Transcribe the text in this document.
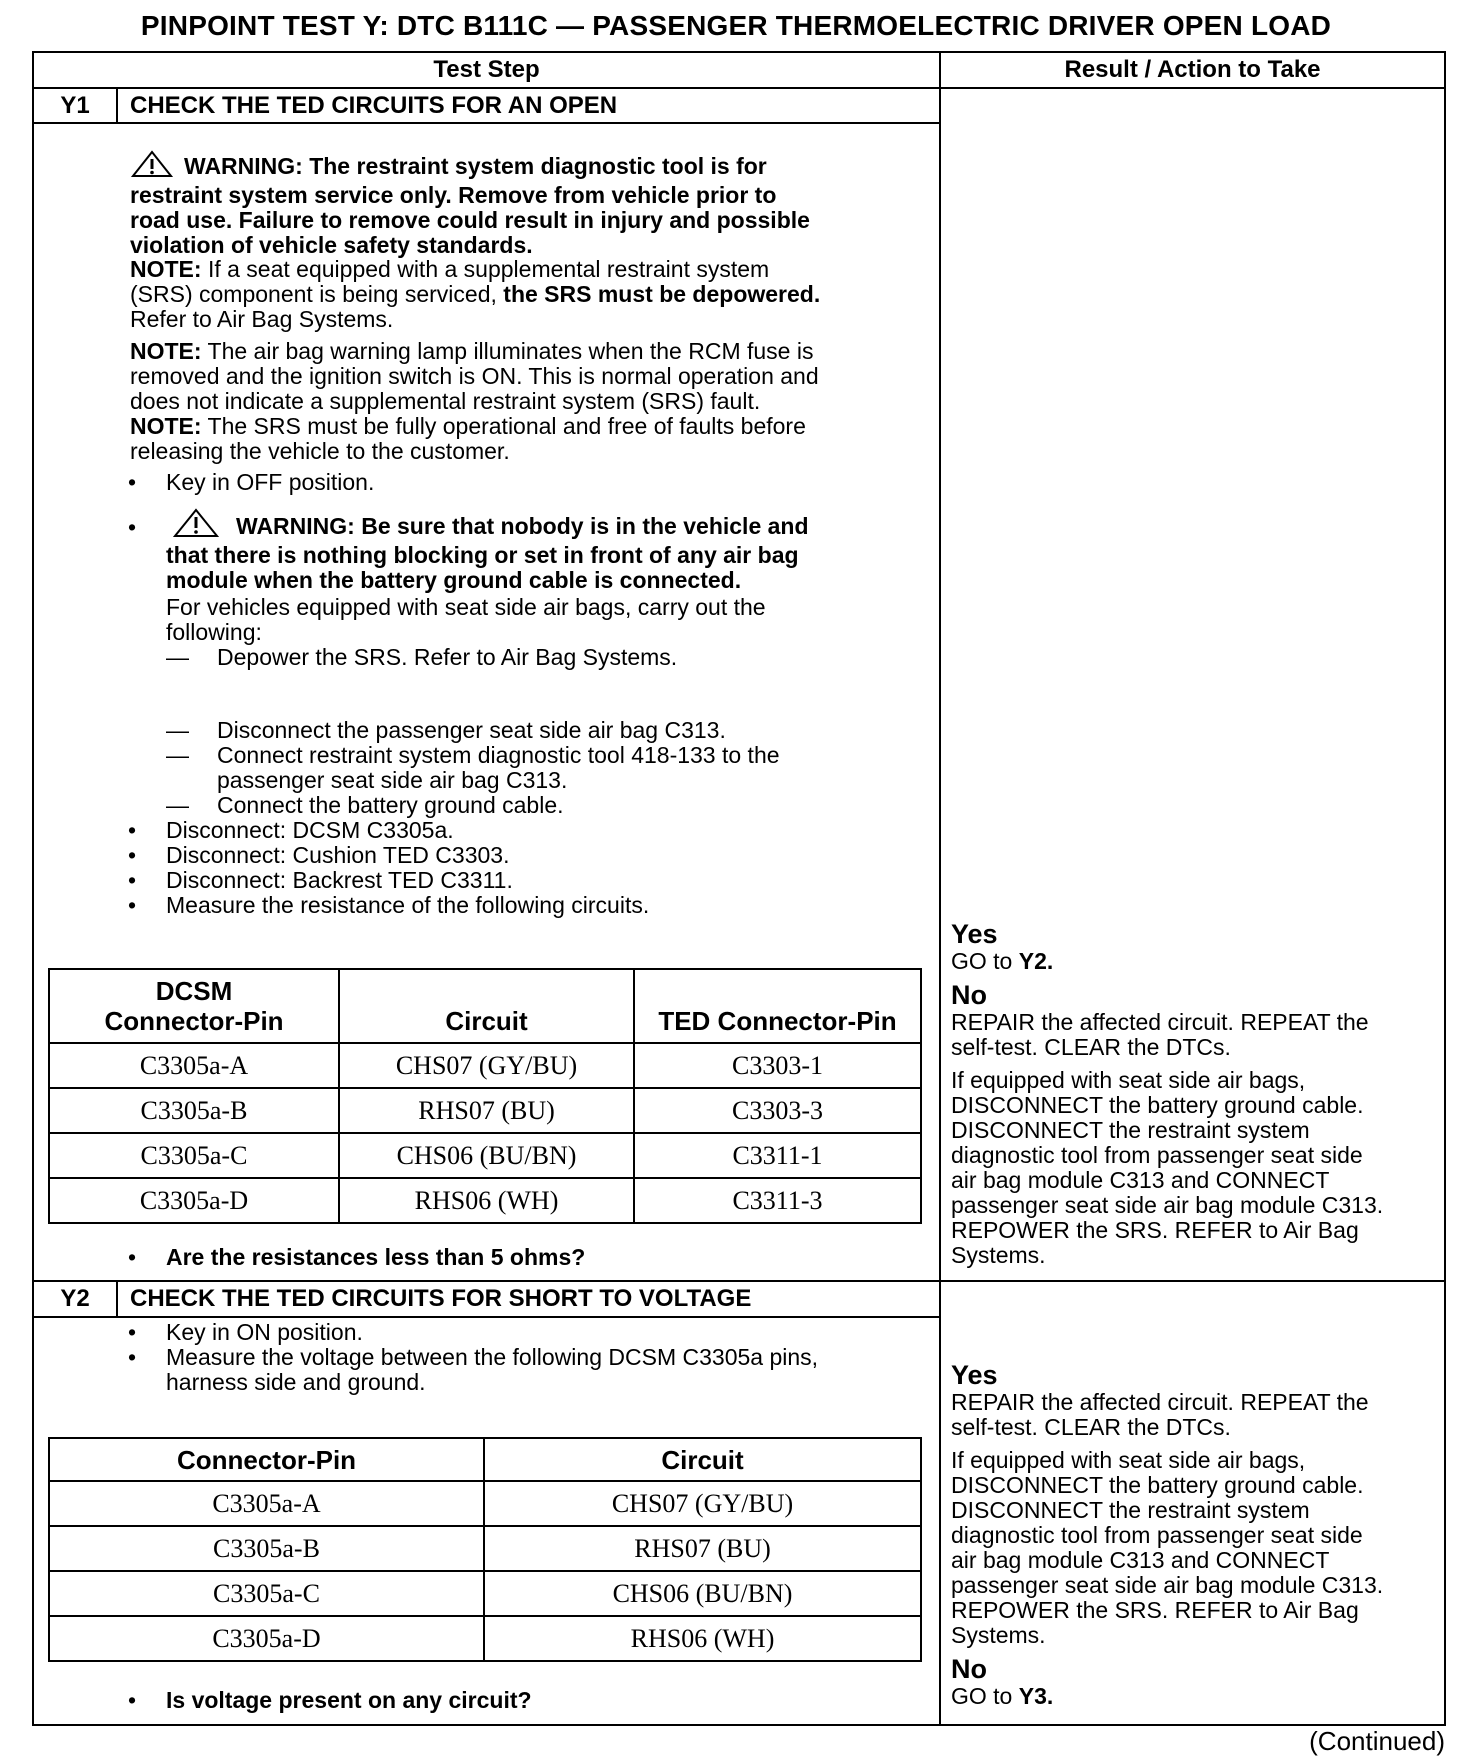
PINPOINT TEST Y: DTC B111C — PASSENGER THERMOELECTRIC DRIVER OPEN LOAD
Test Step	Result / Action to Take
Y1	CHECK THE TED CIRCUITS FOR AN OPEN
WARNING: The restraint system diagnostic tool is for
restraint system service only. Remove from vehicle prior to
road use. Failure to remove could result in injury and possible
violation of vehicle safety standards.
NOTE: If a seat equipped with a supplemental restraint system
(SRS) component is being serviced, the SRS must be depowered.
Refer to Air Bag Systems.
NOTE: The air bag warning lamp illuminates when the RCM fuse is
removed and the ignition switch is ON. This is normal operation and
does not indicate a supplemental restraint system (SRS) fault.
NOTE: The SRS must be fully operational and free of faults before
releasing the vehicle to the customer.
• Key in OFF position.
•	WARNING: Be sure that nobody is in the vehicle and
that there is nothing blocking or set in front of any air bag
module when the battery ground cable is connected.
For vehicles equipped with seat side air bags, carry out the
following:
— Depower the SRS. Refer to Air Bag Systems.
— Disconnect the passenger seat side air bag C313.
— Connect restraint system diagnostic tool 418-133 to the
passenger seat side air bag C313.
— Connect the battery ground cable.
• Disconnect: DCSM C3305a.
• Disconnect: Cushion TED C3303.
• Disconnect: Backrest TED C3311.
• Measure the resistance of the following circuits.
DCSM
Connector-Pin	Circuit	TED Connector-Pin
C3305a-A	CHS07 (GY/BU)	C3303-1
C3305a-B	RHS07 (BU)	C3303-3
C3305a-C	CHS06 (BU/BN)	C3311-1
C3305a-D	RHS06 (WH)	C3311-3
• Are the resistances less than 5 ohms?
Yes
GO to Y2.
No
REPAIR the affected circuit. REPEAT the
self-test. CLEAR the DTCs.
If equipped with seat side air bags,
DISCONNECT the battery ground cable.
DISCONNECT the restraint system
diagnostic tool from passenger seat side
air bag module C313 and CONNECT
passenger seat side air bag module C313.
REPOWER the SRS. REFER to Air Bag
Systems.
Y2	CHECK THE TED CIRCUITS FOR SHORT TO VOLTAGE
• Key in ON position.
• Measure the voltage between the following DCSM C3305a pins,
harness side and ground.
Connector-Pin	Circuit
C3305a-A	CHS07 (GY/BU)
C3305a-B	RHS07 (BU)
C3305a-C	CHS06 (BU/BN)
C3305a-D	RHS06 (WH)
• Is voltage present on any circuit?
Yes
REPAIR the affected circuit. REPEAT the
self-test. CLEAR the DTCs.
If equipped with seat side air bags,
DISCONNECT the battery ground cable.
DISCONNECT the restraint system
diagnostic tool from passenger seat side
air bag module C313 and CONNECT
passenger seat side air bag module C313.
REPOWER the SRS. REFER to Air Bag
Systems.
No
GO to Y3.
(Continued)
